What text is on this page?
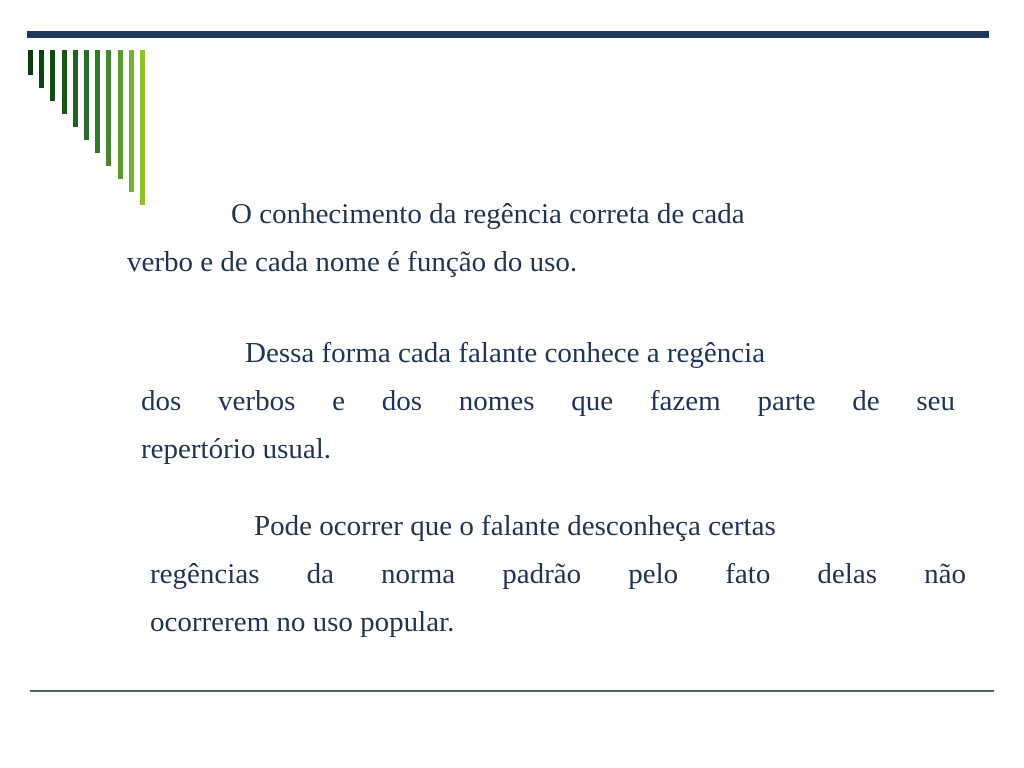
O conhecimento da regência correta de cada
verbo e de cada nome é função do uso.

Dessa forma cada falante conhece a regência
dos verbos e dos nomes que fazem parte de seu
repertório usual.

Pode ocorrer que o falante desconheça certas
regências da norma padrão pelo fato delas não
ocorrerem no uso popular.
